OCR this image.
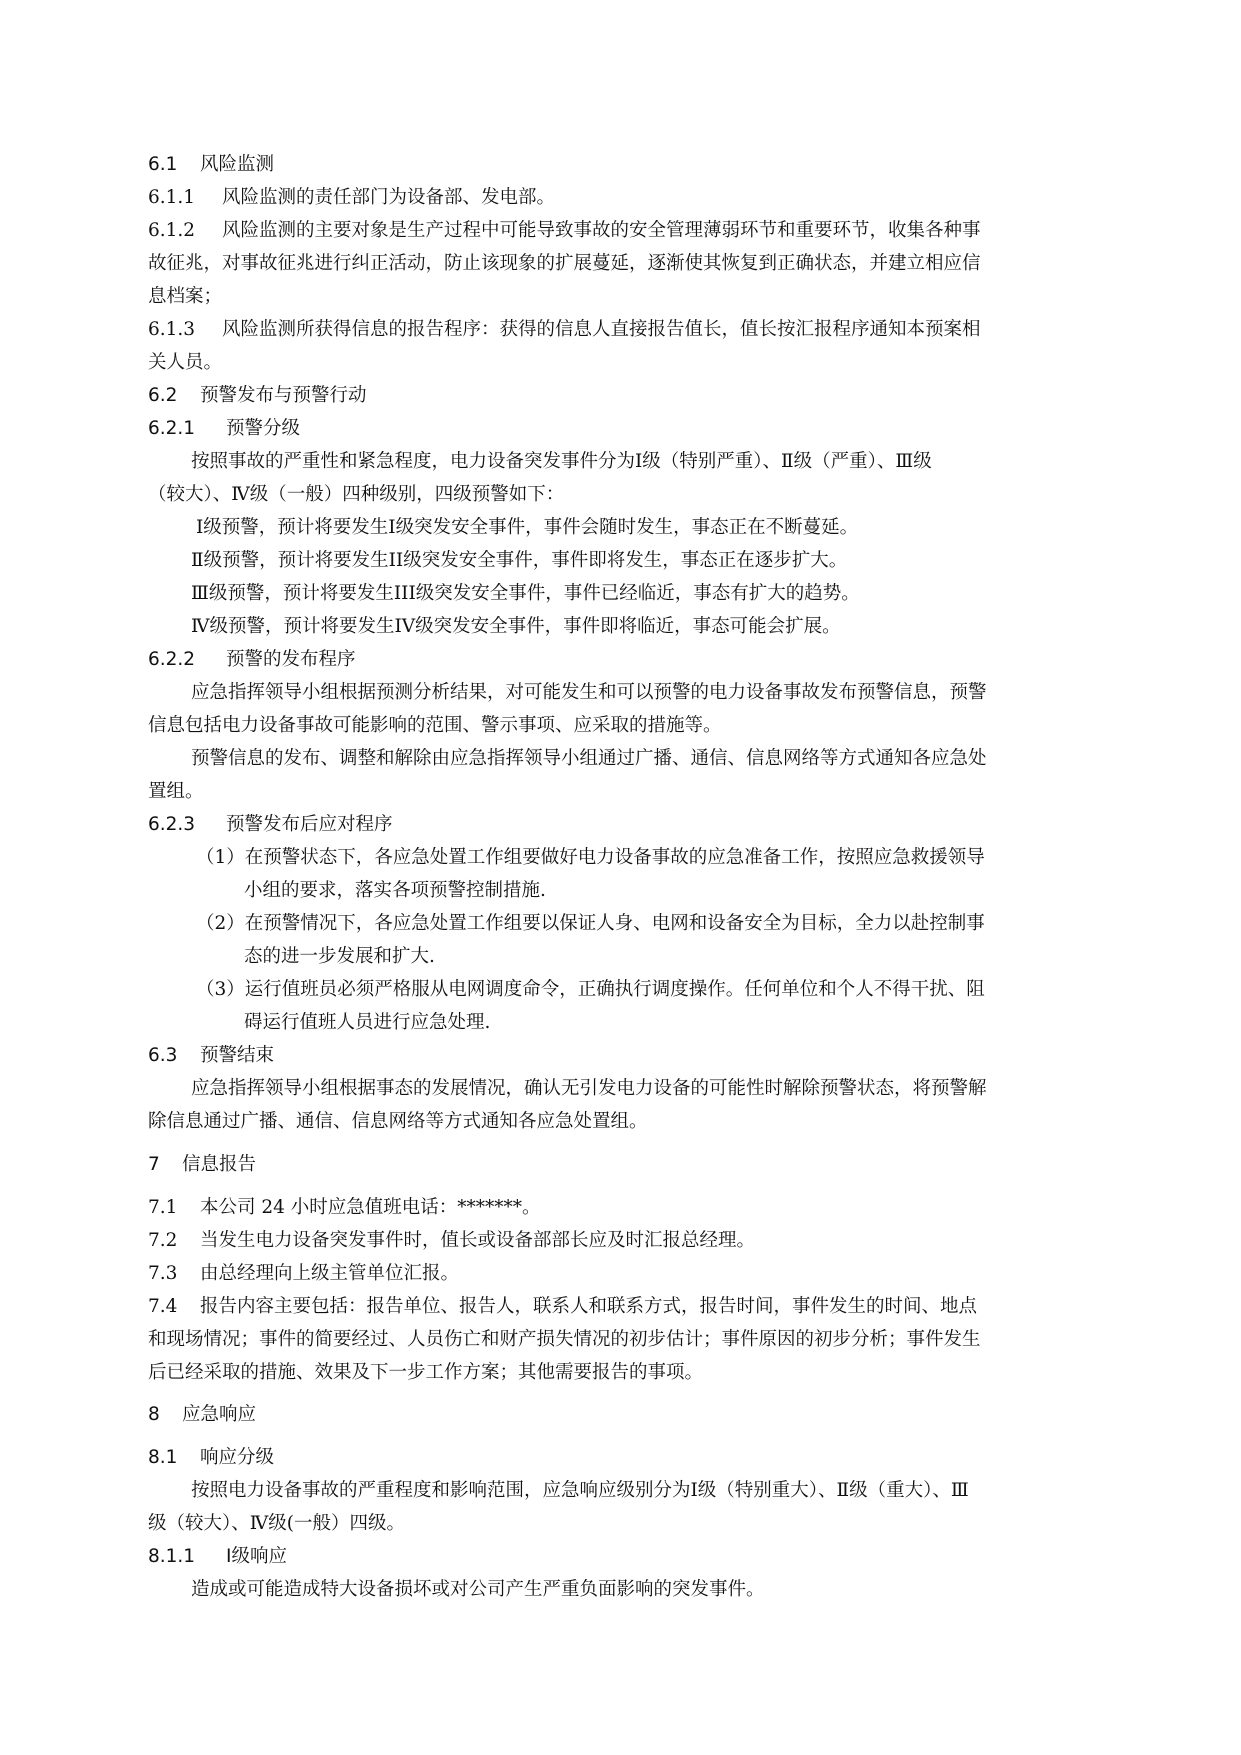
6.1 风险监测
6.1.1 风险监测的责任部门为设备部、发电部。
6.1.2 风险监测的主要对象是生产过程中可能导致事故的安全管理薄弱环节和重要环节，收集各种事
故征兆，对事故征兆进行纠正活动，防止该现象的扩展蔓延，逐渐使其恢复到正确状态，并建立相应信
息档案；
6.1.3 风险监测所获得信息的报告程序：获得的信息人直接报告值长，值长按汇报程序通知本预案相
关人员。
6.2 预警发布与预警行动
6.2.1 预警分级
按照事故的严重性和紧急程度，电力设备突发事件分为Ⅰ级（特别严重）、Ⅱ级（严重）、Ⅲ级
（较大）、Ⅳ级（一般）四种级别，四级预警如下：
Ⅰ级预警，预计将要发生I级突发安全事件，事件会随时发生，事态正在不断蔓延。
Ⅱ级预警，预计将要发生II级突发安全事件，事件即将发生，事态正在逐步扩大。
Ⅲ级预警，预计将要发生III级突发安全事件，事件已经临近，事态有扩大的趋势。
Ⅳ级预警，预计将要发生IV级突发安全事件，事件即将临近，事态可能会扩展。
6.2.2 预警的发布程序
应急指挥领导小组根据预测分析结果，对可能发生和可以预警的电力设备事故发布预警信息，预警
信息包括电力设备事故可能影响的范围、警示事项、应采取的措施等。
预警信息的发布、调整和解除由应急指挥领导小组通过广播、通信、信息网络等方式通知各应急处
置组。
6.2.3 预警发布后应对程序
（1）在预警状态下，各应急处置工作组要做好电力设备事故的应急准备工作，按照应急救援领导
小组的要求，落实各项预警控制措施.
（2）在预警情况下，各应急处置工作组要以保证人身、电网和设备安全为目标，全力以赴控制事
态的进一步发展和扩大.
（3）运行值班员必须严格服从电网调度命令，正确执行调度操作。任何单位和个人不得干扰、阻
碍运行值班人员进行应急处理.
6.3 预警结束
应急指挥领导小组根据事态的发展情况，确认无引发电力设备的可能性时解除预警状态，将预警解
除信息通过广播、通信、信息网络等方式通知各应急处置组。
7 信息报告
7.1 本公司 24 小时应急值班电话：*******。
7.2 当发生电力设备突发事件时，值长或设备部部长应及时汇报总经理。
7.3 由总经理向上级主管单位汇报。
7.4 报告内容主要包括：报告单位、报告人，联系人和联系方式，报告时间，事件发生的时间、地点
和现场情况；事件的简要经过、人员伤亡和财产损失情况的初步估计；事件原因的初步分析；事件发生
后已经采取的措施、效果及下一步工作方案；其他需要报告的事项。
8 应急响应
8.1 响应分级
按照电力设备事故的严重程度和影响范围，应急响应级别分为Ⅰ级（特别重大）、Ⅱ级（重大）、Ⅲ
级（较大）、Ⅳ级(一般）四级。
8.1.1 Ⅰ级响应
造成或可能造成特大设备损坏或对公司产生严重负面影响的突发事件。
